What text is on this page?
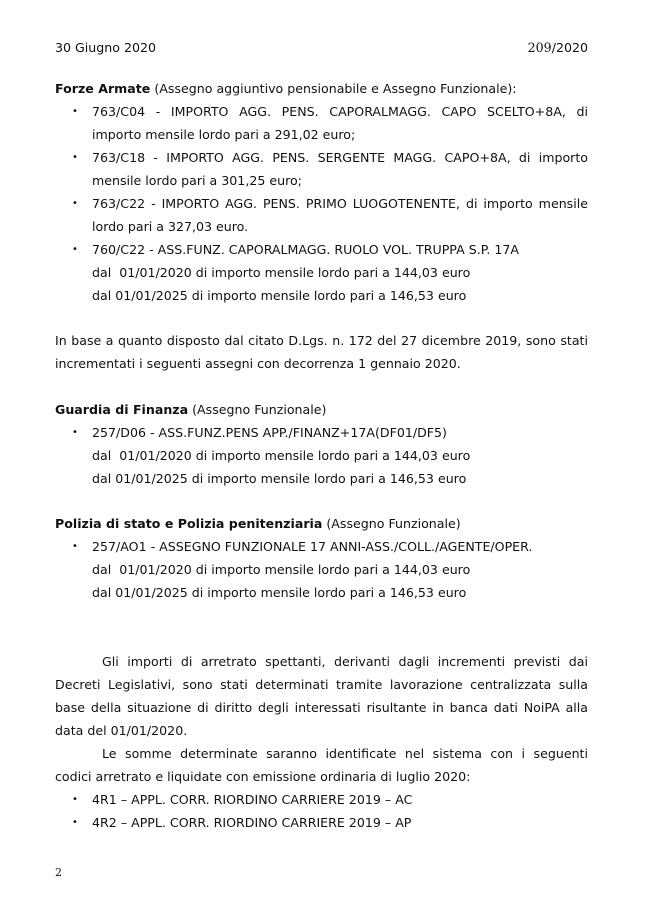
30 Giugno 2020	209/2020

Forze Armate (Assegno aggiuntivo pensionabile e Assegno Funzionale):

• 763/C04 - IMPORTO AGG. PENS. CAPORALMAGG. CAPO SCELTO+8A, di importo mensile lordo pari a 291,02 euro;
• 763/C18 - IMPORTO AGG. PENS. SERGENTE MAGG. CAPO+8A, di importo mensile lordo pari a 301,25 euro;
• 763/C22 - IMPORTO AGG. PENS. PRIMO LUOGOTENENTE, di importo mensile lordo pari a 327,03 euro.
• 760/C22 - ASS.FUNZ. CAPORALMAGG. RUOLO VOL. TRUPPA S.P. 17A
dal  01/01/2020 di importo mensile lordo pari a 144,03 euro
dal 01/01/2025 di importo mensile lordo pari a 146,53 euro

In base a quanto disposto dal citato D.Lgs. n. 172 del 27 dicembre 2019, sono stati incrementati i seguenti assegni con decorrenza 1 gennaio 2020.

Guardia di Finanza (Assegno Funzionale)

• 257/D06 - ASS.FUNZ.PENS APP./FINANZ+17A(DF01/DF5)
dal  01/01/2020 di importo mensile lordo pari a 144,03 euro
dal 01/01/2025 di importo mensile lordo pari a 146,53 euro

Polizia di stato e Polizia penitenziaria (Assegno Funzionale)

• 257/AO1 - ASSEGNO FUNZIONALE 17 ANNI-ASS./COLL./AGENTE/OPER.
dal  01/01/2020 di importo mensile lordo pari a 144,03 euro
dal 01/01/2025 di importo mensile lordo pari a 146,53 euro

Gli importi di arretrato spettanti, derivanti dagli incrementi previsti dai Decreti Legislativi, sono stati determinati tramite lavorazione centralizzata sulla base della situazione di diritto degli interessati risultante in banca dati NoiPA alla data del 01/01/2020.

Le somme determinate saranno identificate nel sistema con i seguenti codici arretrato e liquidate con emissione ordinaria di luglio 2020:

• 4R1 – APPL. CORR. RIORDINO CARRIERE 2019 – AC
• 4R2 – APPL. CORR. RIORDINO CARRIERE 2019 – AP
2
